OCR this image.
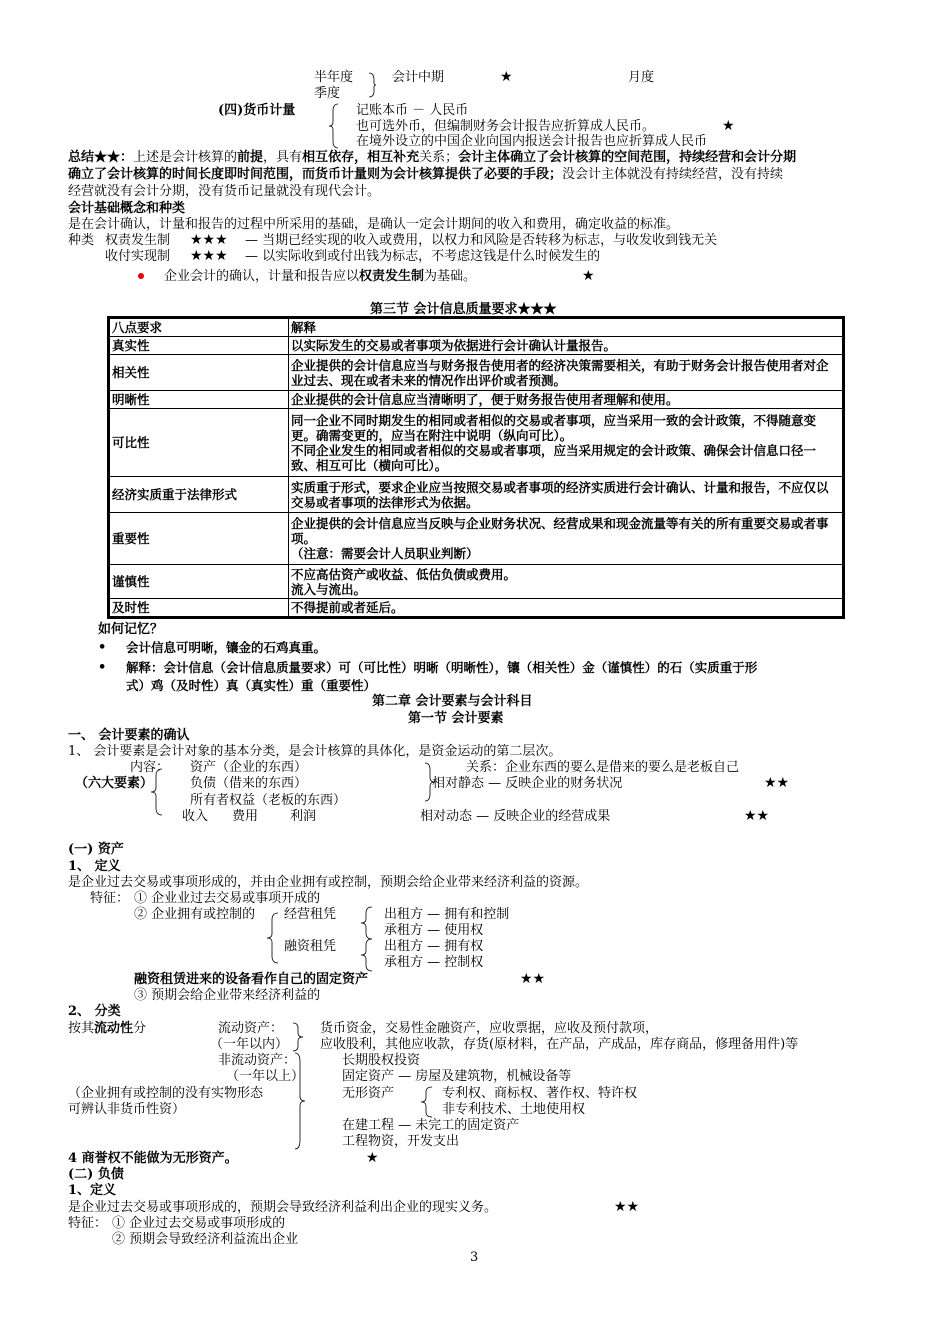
半年度
季度
会计中期	★	月度
(四)货币计量	记账本币 － 人民币
也可选外币，但编制财务会计报告应折算成人民币。	★
在境外设立的中国企业向国内报送会计报告也应折算成人民币
总结★★：上述是会计核算的前提，具有相互依存，相互补充关系；会计主体确立了会计核算的空间范围，持续经营和会计分期
确立了会计核算的时间长度即时间范围，而货币计量则为会计核算提供了必要的手段；没会计主体就没有持续经营，没有持续
经营就没有会计分期，没有货币记量就没有现代会计。
会计基础概念和种类
是在会计确认，计量和报告的过程中所采用的基础，是确认一定会计期间的收入和费用，确定收益的标准。
种类 权责发生制 ★★★ — 当期已经实现的收入或费用，以权力和风险是否转移为标志，与收发收到钱无关
收付实现制 ★★★ — 以实际收到或付出钱为标志，不考虑这钱是什么时候发生的
企业会计的确认，计量和报告应以权责发生制为基础。	★
第三节 会计信息质量要求★★★
八点要求	解释
真实性	以实际发生的交易或者事项为依据进行会计确认计量报告。
相关性	企业提供的会计信息应当与财务报告使用者的经济决策需要相关，有助于财务会计报告使用者对企业过去、现在或者未来的情况作出评价或者预测。
明晰性	企业提供的会计信息应当清晰明了，便于财务报告使用者理解和使用。
可比性	同一企业不同时期发生的相同或者相似的交易或者事项，应当采用一致的会计政策，不得随意变更。确需变更的，应当在附注中说明（纵向可比）。
不同企业发生的相同或者相似的交易或者事项，应当采用规定的会计政策、确保会计信息口径一致、相互可比（横向可比）。

经济实质重于法律形式	实质重于形式，要求企业应当按照交易或者事项的经济实质进行会计确认、计量和报告，不应仅以交易或者事项的法律形式为依据。
重要性	企业提供的会计信息应当反映与企业财务状况、经营成果和现金流量等有关的所有重要交易或者事项。
（注意：需要会计人员职业判断）

谨慎性	不应高估资产或收益、低估负债或费用。
流入与流出。

及时性	不得提前或者延后。
如何记忆？
• 会计信息可明晰，镶金的石鸡真重。
• 解释：会计信息（会计信息质量要求）可（可比性）明晰（明晰性），镶（相关性）金（谨慎性）的石（实质重于形
式）鸡（及时性）真（真实性）重（重要性）
第二章 会计要素与会计科目
第一节 会计要素
一、 会计要素的确认
1、 会计要素是会计对象的基本分类，是会计核算的具体化，是资金运动的第二层次。
内容：
（六大要素）
资产（企业的东西）
负债（借来的东西）
所有者权益（老板的东西）
收入 费用 利润
关系：企业东西的要么是借来的要么是老板自己
相对静态 — 反映企业的财务状况	★★
相对动态 — 反映企业的经营成果	★★
(一) 资产
1、 定义
是企业过去交易或事项形成的，并由企业拥有或控制，预期会给企业带来经济利益的资源。
特征： ① 企业业过去交易或事项开成的
② 企业拥有或控制的 经营租凭
融资租凭
出租方 — 拥有和控制
承租方 — 使用权
出租方 — 拥有权
承租方 — 控制权
融资租赁进来的设备看作自己的固定资产	★★
③ 预期会给企业带来经济利益的
2、 分类
按其流动性分	流动资产：
（一年以内）
非流动资产：
（一年以上）
（企业拥有或控制的没有实物形态
可辨认非货币性资）
货币资金，交易性金融资产，应收票据，应收及预付款项，
应收股利，其他应收款，存货(原材料，在产品，产成品，库存商品，修理备用件)等
长期股权投资
固定资产 — 房屋及建筑物，机械设备等
无形资产	专利权、商标权、著作权、特许权
非专利技术、土地使用权
在建工程 — 未完工的固定资产
工程物资，开发支出
4 商誉权不能做为无形资产。	★
(二) 负债
1、定义
是企业过去交易或事项形成的，预期会导致经济利益利出企业的现实义务。	★★
特征： ① 企业过去交易或事项形成的
② 预期会导致经济利益流出企业
3
